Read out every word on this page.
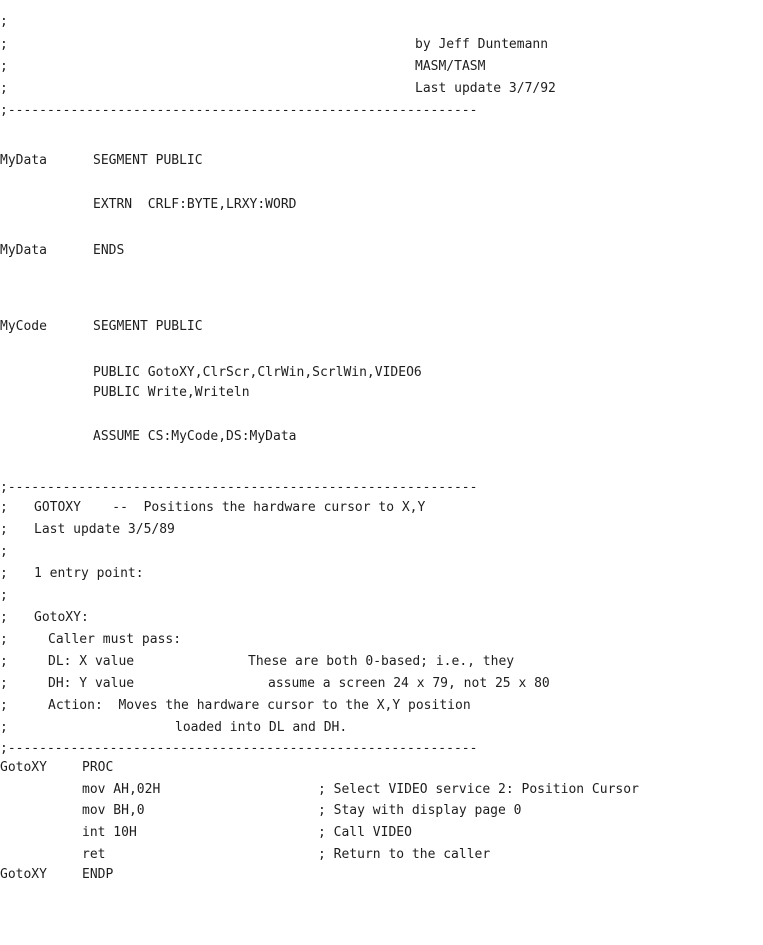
;
;	by Jeff Duntemann
;	MASM/TASM
;	Last update 3/7/92
;------------------------------------------------------------
MyData	SEGMENT PUBLIC
EXTRN  CRLF:BYTE,LRXY:WORD
MyData	ENDS
MyCode	SEGMENT PUBLIC
PUBLIC GotoXY,ClrScr,ClrWin,ScrlWin,VIDEO6
PUBLIC Write,Writeln
ASSUME CS:MyCode,DS:MyData
;------------------------------------------------------------
; GOTOXY    --  Positions the hardware cursor to X,Y
; Last update 3/5/89
;
; 1 entry point:
;
; GotoXY:
;	Caller must pass:
;	DL: X value	These are both 0-based; i.e., they
;	DH: Y value	assume a screen 24 x 79, not 25 x 80
;	Action:  Moves the hardware cursor to the X,Y position
;	loaded into DL and DH.
;------------------------------------------------------------
GotoXY	PROC
mov AH,02H	; Select VIDEO service 2: Position Cursor
mov BH,0	; Stay with display page 0
int 10H	; Call VIDEO
ret	; Return to the caller
GotoXY	ENDP
